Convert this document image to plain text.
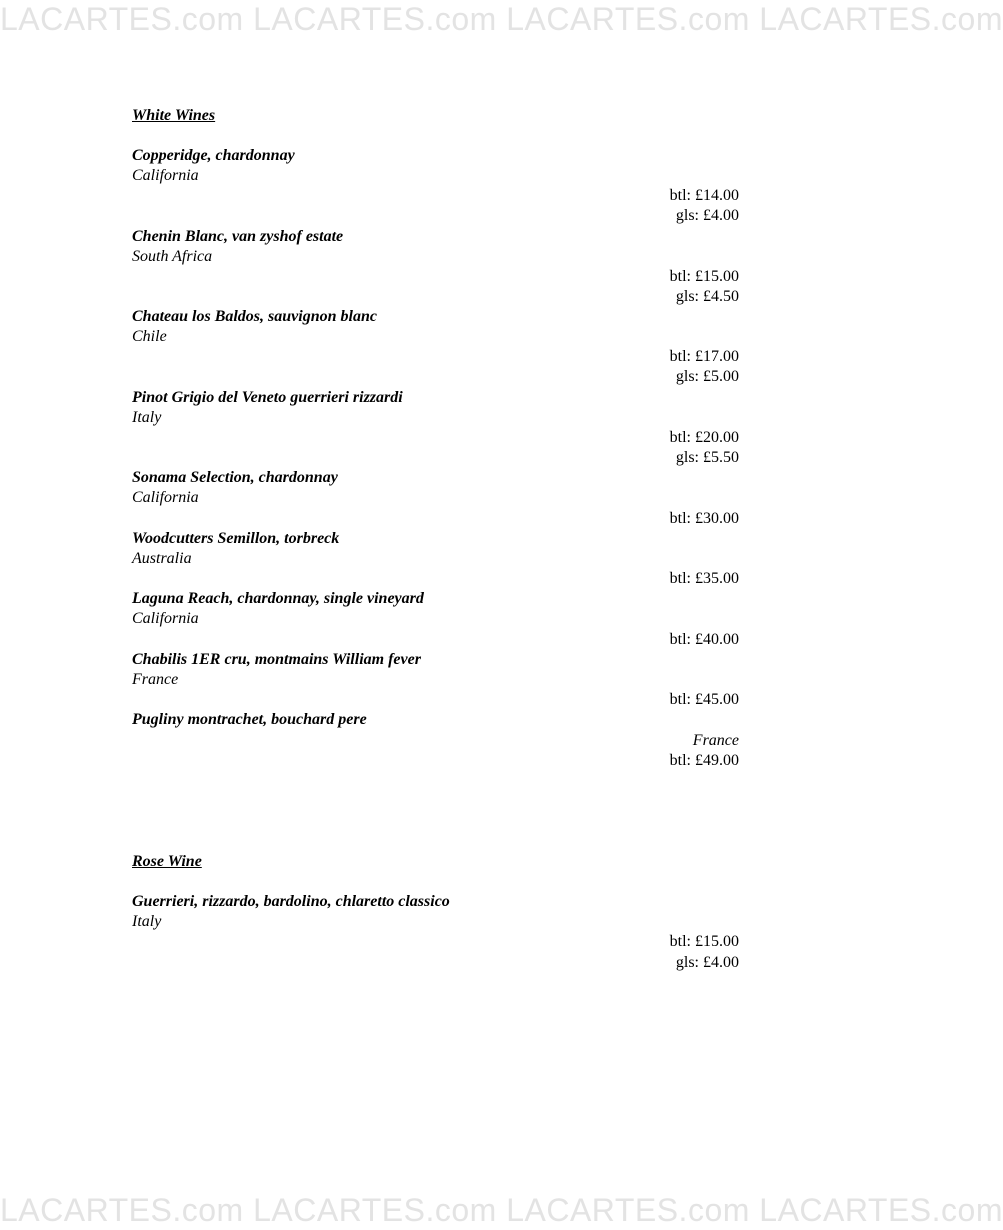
LACARTES.com LACARTES.com LACARTES.com LACARTES.com
LACARTES.com LACARTES.com LACARTES.com LACARTES.com
White Wines
Copperidge, chardonnay
California
btl: £14.00
gls: £4.00
Chenin Blanc, van zyshof estate
South Africa
btl: £15.00
gls: £4.50
Chateau los Baldos, sauvignon blanc
Chile
btl: £17.00
gls: £5.00
Pinot Grigio del Veneto guerrieri rizzardi
Italy
btl: £20.00
gls: £5.50
Sonama Selection, chardonnay
California
btl: £30.00
Woodcutters Semillon, torbreck
Australia
btl: £35.00
Laguna Reach, chardonnay, single vineyard
California
btl: £40.00
Chabilis 1ER cru, montmains William fever
France
btl: £45.00
Pugliny montrachet, bouchard pere
France
btl: £49.00
Rose Wine
Guerrieri, rizzardo, bardolino, chlaretto classico
Italy
btl: £15.00
gls: £4.00
